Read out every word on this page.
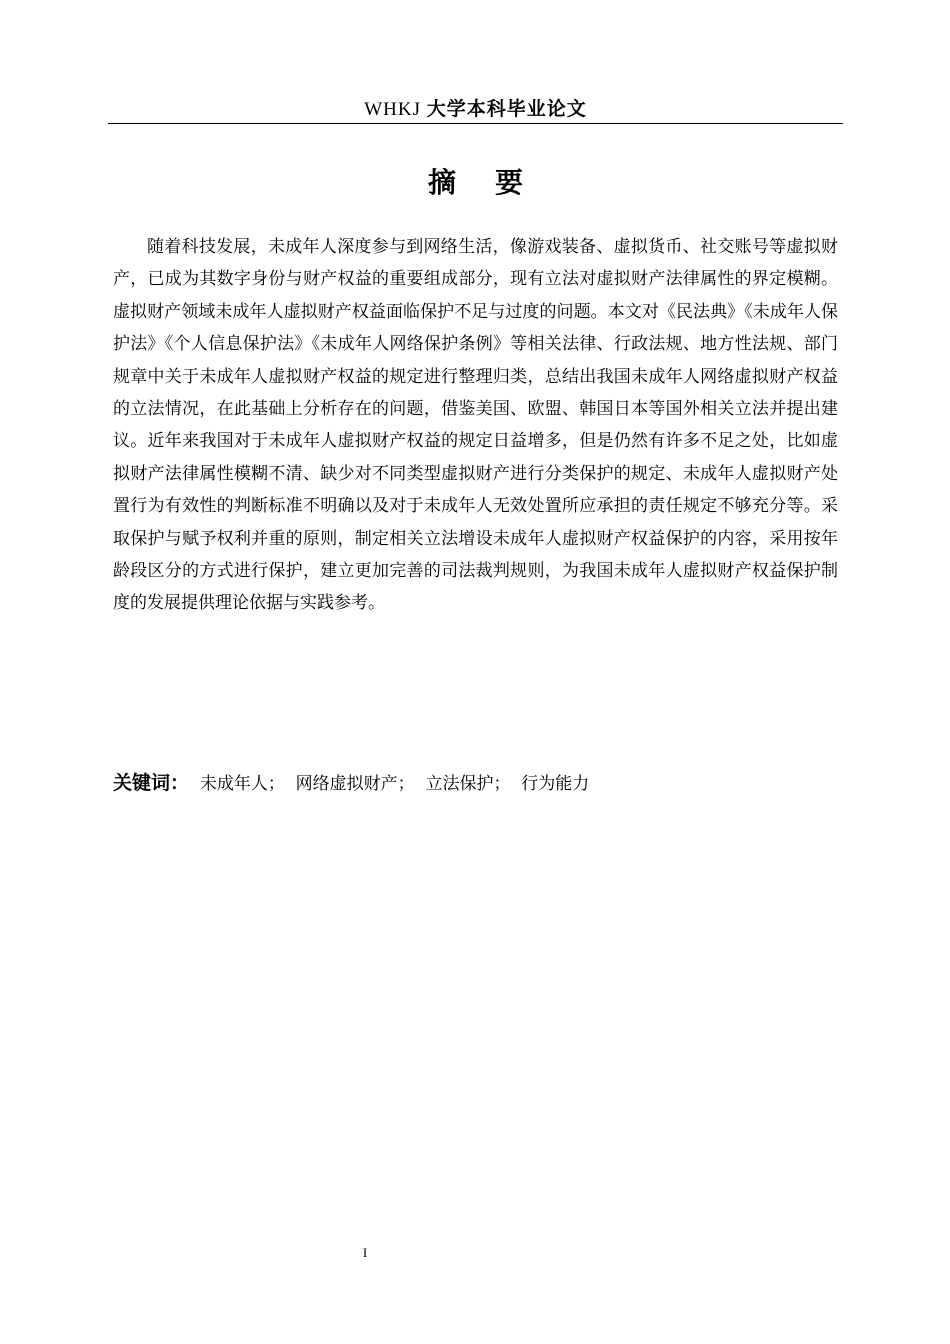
WHKJ 大学本科毕业论文
摘    要

随着科技发展，未成年人深度参与到网络生活，像游戏装备、虚拟货币、社交账号等虚拟财产，已成为其数字身份与财产权益的重要组成部分，现有立法对虚拟财产法律属性的界定模糊。虚拟财产领域未成年人虚拟财产权益面临保护不足与过度的问题。本文对《民法典》《未成年人保护法》《个人信息保护法》《未成年人网络保护条例》等相关法律、行政法规、地方性法规、部门规章中关于未成年人虚拟财产权益的规定进行整理归类，总结出我国未成年人网络虚拟财产权益的立法情况，在此基础上分析存在的问题，借鉴美国、欧盟、韩国日本等国外相关立法并提出建议。近年来我国对于未成年人虚拟财产权益的规定日益增多，但是仍然有许多不足之处，比如虚拟财产法律属性模糊不清、缺少对不同类型虚拟财产进行分类保护的规定、未成年人虚拟财产处置行为有效性的判断标准不明确以及对于未成年人无效处置所应承担的责任规定不够充分等。采取保护与赋予权利并重的原则，制定相关立法增设未成年人虚拟财产权益保护的内容，采用按年龄段区分的方式进行保护，建立更加完善的司法裁判规则，为我国未成年人虚拟财产权益保护制度的发展提供理论依据与实践参考。

关键词： 未成年人； 网络虚拟财产； 立法保护； 行为能力
I
